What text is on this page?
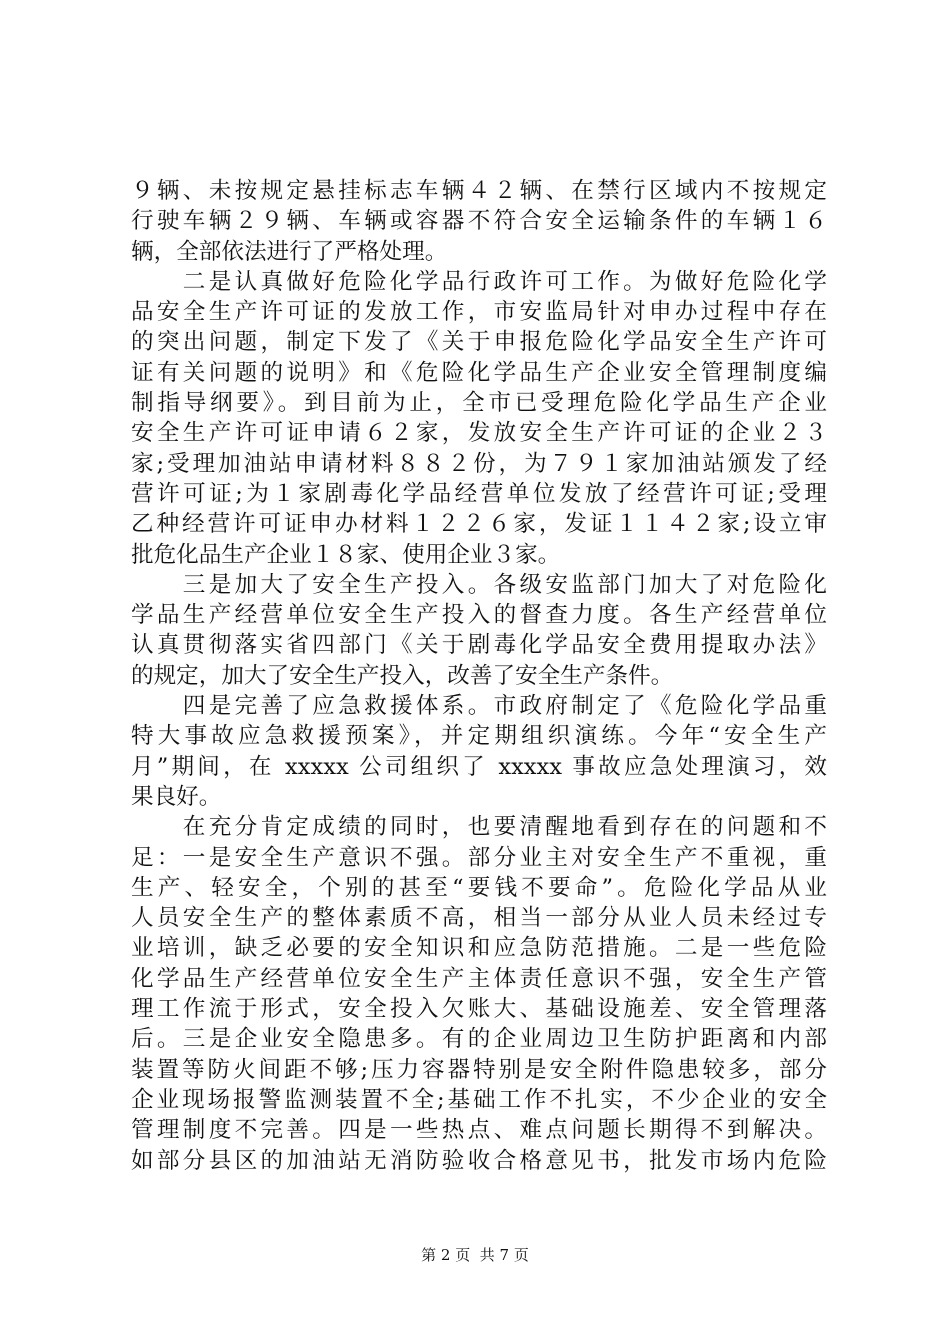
９辆、未按规定悬挂标志车辆４２辆、在禁行区域内不按规定
行驶车辆２９辆、车辆或容器不符合安全运输条件的车辆１６
辆，全部依法进行了严格处理。
　　二是认真做好危险化学品行政许可工作。为做好危险化学
品安全生产许可证的发放工作，市安监局针对申办过程中存在
的突出问题，制定下发了《关于申报危险化学品安全生产许可
证有关问题的说明》和《危险化学品生产企业安全管理制度编
制指导纲要》。到目前为止，全市已受理危险化学品生产企业
安全生产许可证申请６２家，发放安全生产许可证的企业２３
家;受理加油站申请材料８８２份，为７９１家加油站颁发了经
营许可证;为１家剧毒化学品经营单位发放了经营许可证;受理
乙种经营许可证申办材料１２２６家，发证１１４２家;设立审
批危化品生产企业１８家、使用企业３家。
　　三是加大了安全生产投入。各级安监部门加大了对危险化
学品生产经营单位安全生产投入的督查力度。各生产经营单位
认真贯彻落实省四部门《关于剧毒化学品安全费用提取办法》
的规定，加大了安全生产投入，改善了安全生产条件。
　　四是完善了应急救援体系。市政府制定了《危险化学品重
特大事故应急救援预案》，并定期组织演练。今年“安全生产
月”期间，在 xxxxx 公司组织了 xxxxx 事故应急处理演习，效
果良好。
　　在充分肯定成绩的同时，也要清醒地看到存在的问题和不
足：一是安全生产意识不强。部分业主对安全生产不重视，重
生产、轻安全，个别的甚至“要钱不要命”。危险化学品从业
人员安全生产的整体素质不高，相当一部分从业人员未经过专
业培训，缺乏必要的安全知识和应急防范措施。二是一些危险
化学品生产经营单位安全生产主体责任意识不强，安全生产管
理工作流于形式，安全投入欠账大、基础设施差、安全管理落
后。三是企业安全隐患多。有的企业周边卫生防护距离和内部
装置等防火间距不够;压力容器特别是安全附件隐患较多，部分
企业现场报警监测装置不全;基础工作不扎实，不少企业的安全
管理制度不完善。四是一些热点、难点问题长期得不到解决。
如部分县区的加油站无消防验收合格意见书，批发市场内危险
第 2 页  共 7 页
